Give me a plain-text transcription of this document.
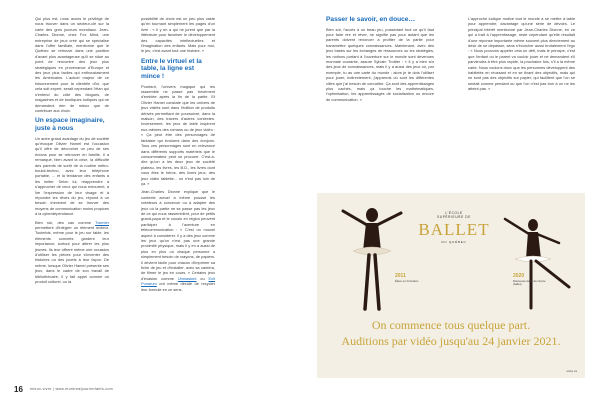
Qui plus est, nous avons le privilège de nous trouver dans un secteur-clé sur la carte des gros joueurs mondiaux. Jean-Charles Dionne, chez Fox Mind, une entreprise de jeux créé qui se spécialise dans l'offre familiale, mentionne que le Québec se retrouve dans une position d'avant plus avantageuse qu'il se situe au point de rencontre des jeux plus stratégiques en provenance d'Europe et des jeux plus faciles qui enthousiasment les Américains. L'actuel majeur de ce foisonnement pour la clientèle d'ici, que cela soit expert, serait cependant l'élan qui s'entend du côté des blogues, de magazines et de boutiques ludiques qui ne demandent rien de mieux que de contribuer aux choix.

Un espace imaginaire, juste à nous

Un autre grand avantage du jeu de société qu'évoque Olivier Hamel est l'occasion qu'il offre de décrocher un peu de ses écrans pour se retrouver en famille. Il a remarqué, bien avant la crise, la difficulté des parents de sortir de la routine métro-boulot-techno, avec leur téléphone portable, ... et la tendance des enfants à les imiter. Selon lui, réapprendre à s'approcher de ceux qui nous entourent, à lire l'expression de leur visage et à répondre les rêves du jeu, répond à un besoin imminent de se trouver des moyens de communication moins propices à la cyberdépendance.

Bien sûr, des cas comme Twenter permettent d'intégrer un élément moteur. Toutefois, même pour le jeu sur table, les éléments concrets gardent leur importance, surtout pour attirer les plus jeunes. Ils leur offrent même une occasion d'utiliser les pièces pour s'inventer des histoires ou des jouets à leur façon. De même, lorsque Olivier Hamel présente ses jeux, dans le cadre de son travail de bibliothécaire, il y fait appel comme un produit culturel, ou la

possibilité de choix est un peu plus vaste qu'en tournant simplement les pages d'un livre : « Il y en a qui ne jurent que par la littérature pour favoriser le développement des capacités intellectuelles et l'imagination des enfants. Mais pour moi, le jeu, c'est avant tout une histoire. »

Entre le virtuel et la table, la ligne est mince !

Pourtant, l'univers magique qui les rassemble ne passe pas forcément d'emblée après la fin de la partie. Et Olivier Hamel constate que les univers de jeux visités sont dans l'édition de produits dérivés permettant de poursuivre, dans la maison, des travers d'autres contextes. Inversement, les jeux de table inspirent eux-mêmes des romans ou de jeux vidéo : « Ça peut être des personnages de fantaisie qui évoluent dans des donjons. Tous ces personnages sont en relevance dans différents supports matériels que le consommateur peut se procurer. C'est-à-dire qu'on a les deux jeux de société plateau, les livres, les B.D., les livres dont vous êtes le héros, des livres jeux, des jeux vidéo tablette... on n'est pas loin de ça. »

Jean-Charles Dionne explique que le contexte actuel a même poussé les créateurs à concevoir ou à adapter des jeux où la partie ne se passe pas les jeux de ce qui nous rassemblent, pour de petits grand-papa et le cousin en région peuvent participer à l'aventure en télécommunication : « C'est un nouvel aspect à considérer. Il y a des jeux comme les jeux qu'on n'est pas une grande proximité physique, mais il y en a aussi de plus en plus où chaque personne a simplement besoin de crayons, de papiers. Il devient facile pour chacun d'imprimer sa fiche de jeu et d'installer, avec sa caméra, de filmer le jeu en cours. » Certains jeux d'évasion comme Unmasked ou Exit Punarum ont même décidé de recycler leur formule en ce sens.

Passer le savoir, en douce…

Bien sûr, l'accès à un beau jeu, possédant tout ce qu'il faut pour faire rire et rêver, ne signifie pas pour autant que les parents doivent renoncer à profiter de la partie pour transmettre quelques connaissances. Maintenant, avec des jeux basés sur les échanges de ressources ou les stratégies, les notions portant à l'ouverture sur le monde sont devenues monnaie courante, assure Sylvain Trottier : « Il y a bien sûr des jeux de connaissances, mais il y a aussi des jeux où, par exemple, tu as une carte du monde ; alors je te dois l'utiliser pour jouer, indirectement, j'apprends où sont les différentes villes que j'ai besoin de connaître. Ça sont des apprentissages plus cachés, mais ça touche les mathématiques, l'optimisation, les apprentissages de socialisation ou encore de communication. »

L'approche ludique motive tout le monde à se mettre à table pour apprendre, davantage qu'une série de devoirs. Le principal intérêt mentionné par Jean-Charles Dionne, en ce qui a trait à l'apprentissage, reste cependant qu'elle résultait d'une réponse importante même souvent plus directement au désir de se dépasser, sans s'écorcher aussi brutalement l'ego : « Nous pouvons appeler cela un défi, mais le principe, c'est que l'enfant ou le parent va vouloir jouer et ne demandent s'il parviendra à être plus rapide, la prochaine fois, s'il a la même carte. Nous voulons donc que les personnes développent des habiletés en réussant et en se fixant des objectifs, mais qui ne sont pas des objectifs sur papier, qui facilitent que l'on se sentait comme pendant ou que l'on n'est pas bon à on ne les atteint pas. »

L'ÉCOLE
SUPÉRIEURE DE
BALLET
DU QUÉBEC
2011
Élève en formation
2020
Danseuse issue de l'école (ballet)
On commence tous quelque part.
Auditions par vidéo jusqu'au 24 janvier 2021.
esbq.ca
16 mieux-vivre | www.montrealpourenfants.com
